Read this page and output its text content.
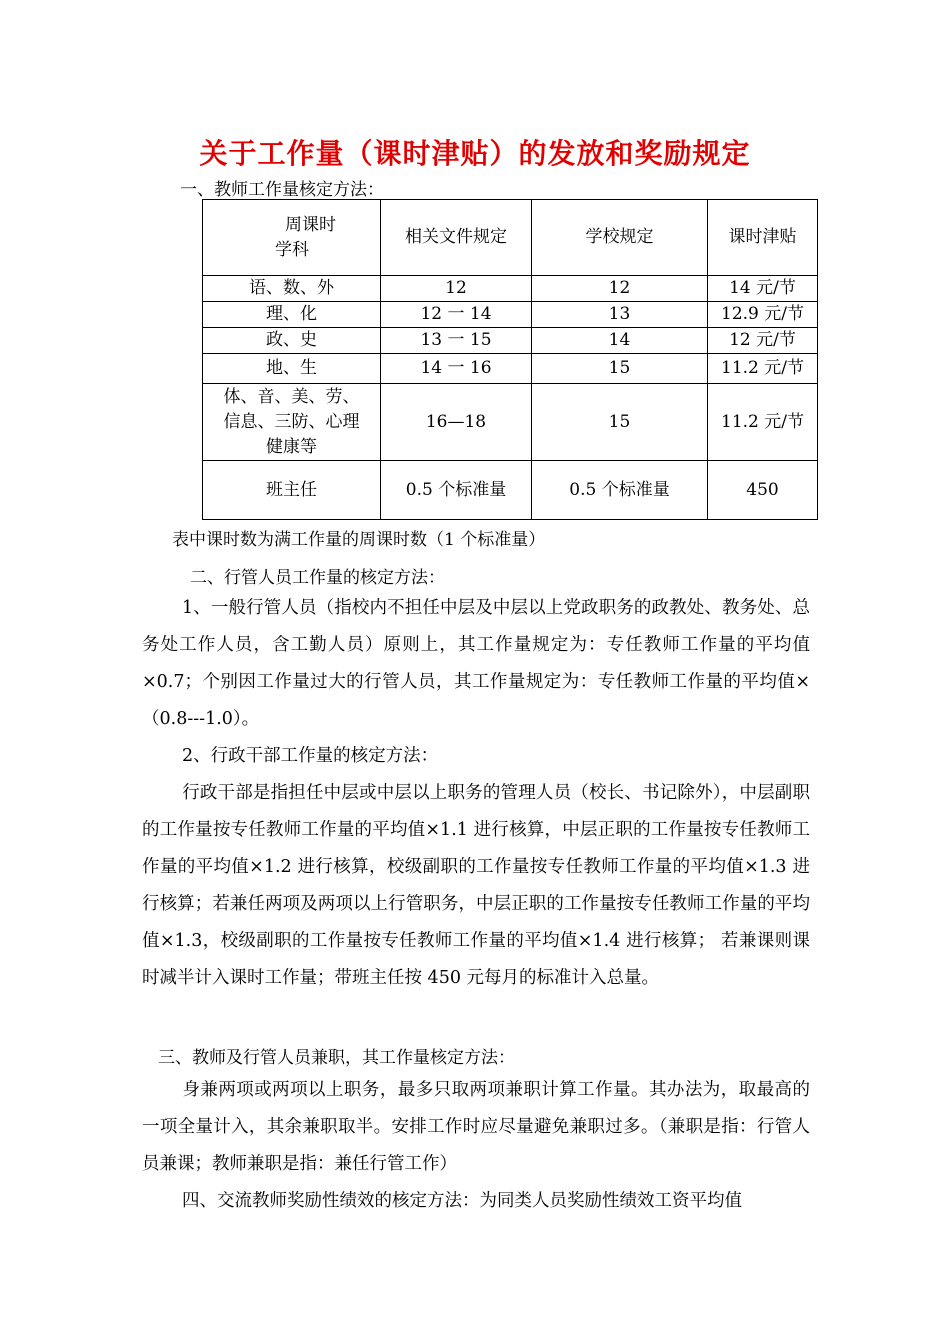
关于工作量（课时津贴）的发放和奖励规定
一、教师工作量核定方法：
周课时
学科	相关文件规定	学校规定	课时津贴
语、数、外	12	12	14 元/节
理、化	12 一 14	13	12.9 元/节
政、史	13 一 15	14	12 元/节
地、生	14 一 16	15	11.2 元/节

体、音、美、劳、
信息、三防、心理
健康等	16—18	15	11.2 元/节
班主任	0.5 个标准量	0.5 个标准量	450
表中课时数为满工作量的周课时数（1 个标准量）
二、行管人员工作量的核定方法：

1、一般行管人员（指校内不担任中层及中层以上党政职务的政教处、教务处、总务处工作人员，含工勤人员）原则上，其工作量规定为：专任教师工作量的平均值×0.7；个别因工作量过大的行管人员，其工作量规定为：专任教师工作量的平均值×（0.8---1.0）。

2、行政干部工作量的核定方法：

行政干部是指担任中层或中层以上职务的管理人员（校长、书记除外），中层副职的工作量按专任教师工作量的平均值×1.1 进行核算，中层正职的工作量按专任教师工作量的平均值×1.2 进行核算，校级副职的工作量按专任教师工作量的平均值×1.3 进行核算；若兼任两项及两项以上行管职务，中层正职的工作量按专任教师工作量的平均值×1.3，校级副职的工作量按专任教师工作量的平均值×1.4 进行核算； 若兼课则课时减半计入课时工作量；带班主任按 450 元每月的标准计入总量。

三、教师及行管人员兼职，其工作量核定方法：

身兼两项或两项以上职务，最多只取两项兼职计算工作量。其办法为，取最高的一项全量计入，其余兼职取半。安排工作时应尽量避免兼职过多。（兼职是指：行管人员兼课；教师兼职是指：兼任行管工作）

四、交流教师奖励性绩效的核定方法：为同类人员奖励性绩效工资平均值
